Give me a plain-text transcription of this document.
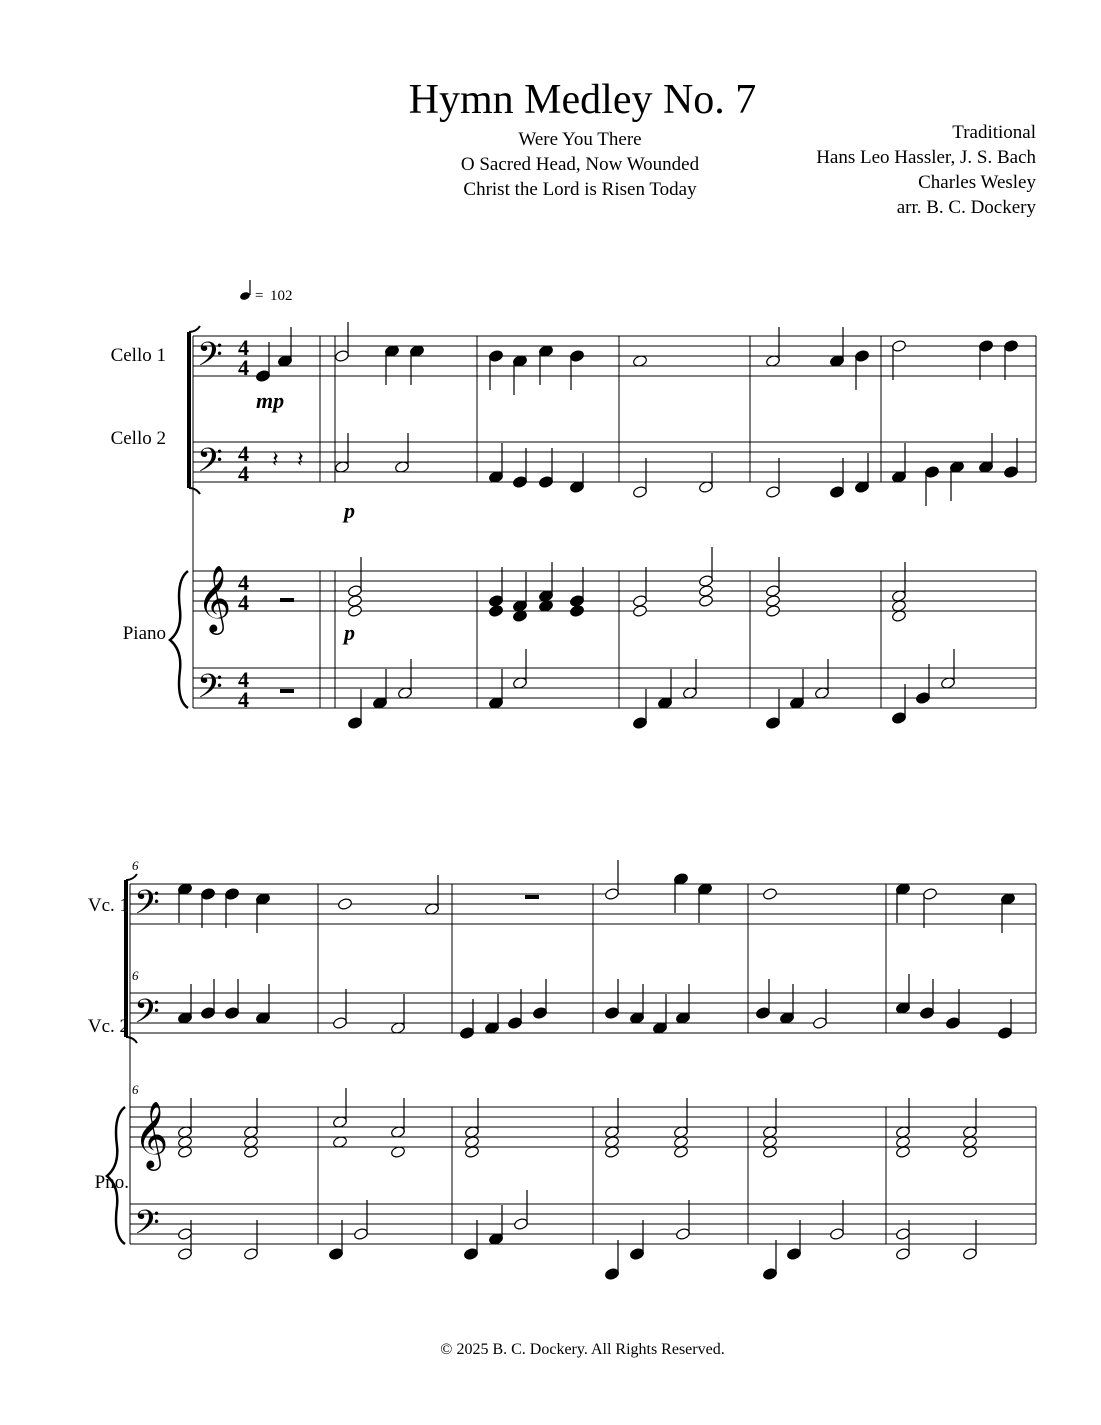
Hymn Medley No. 7
Were You There
O Sacred Head, Now Wounded
Christ the Lord is Risen Today
Traditional
Hans Leo Hassler, J. S. Bach
Charles Wesley
arr. B. C. Dockery
Cello 1
Cello 2
Piano
Vc. 1
Vc. 2
Pno.
© 2025 B. C. Dockery. All Rights Reserved.
𝄢
𝄢
𝄞
𝄢
𝄢
𝄢
𝄞
𝄢
4
4
4
4
4
4
4
4
= 102
mp
p
p
6
6
6
𝄽 𝄽
